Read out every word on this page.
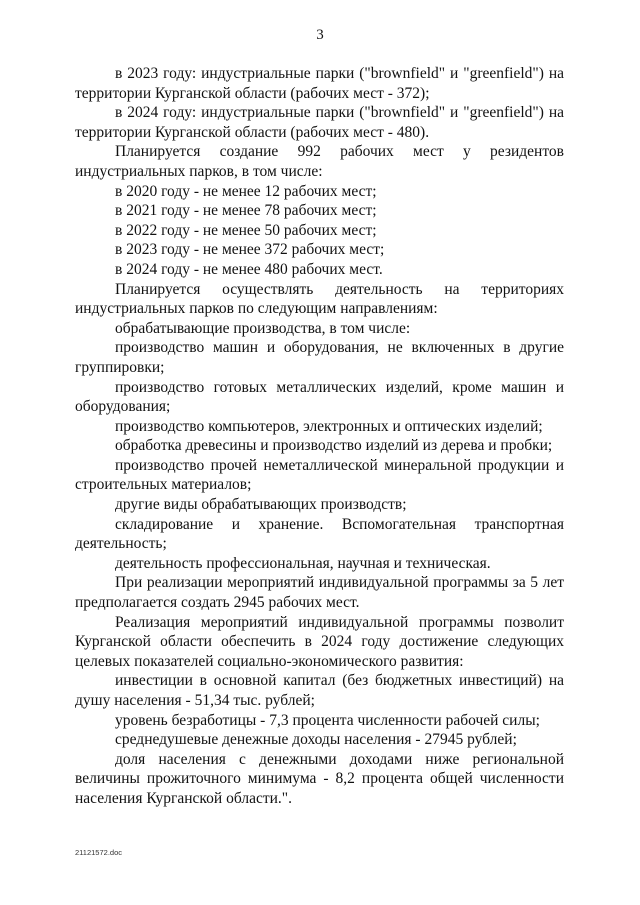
3

в 2023 году: индустриальные парки ("brownfield" и "greenfield") на территории Курганской области (рабочих мест - 372);

в 2024 году: индустриальные парки ("brownfield" и "greenfield") на территории Курганской области (рабочих мест - 480).

Планируется создание 992 рабочих мест у резидентов индустриальных парков, в том числе:

в 2020 году - не менее 12 рабочих мест;

в 2021 году - не менее 78 рабочих мест;

в 2022 году - не менее 50 рабочих мест;

в 2023 году - не менее 372 рабочих мест;

в 2024 году - не менее 480 рабочих мест.

Планируется осуществлять деятельность на территориях индустриальных парков по следующим направлениям:

обрабатывающие производства, в том числе:

производство машин и оборудования, не включенных в другие группировки;

производство готовых металлических изделий, кроме машин и оборудования;

производство компьютеров, электронных и оптических изделий;

обработка древесины и производство изделий из дерева и пробки;

производство прочей неметаллической минеральной продукции и строительных материалов;

другие виды обрабатывающих производств;

складирование и хранение. Вспомогательная транспортная деятельность;

деятельность профессиональная, научная и техническая.

При реализации мероприятий индивидуальной программы за 5 лет предполагается создать 2945 рабочих мест.

Реализация мероприятий индивидуальной программы позволит Курганской области обеспечить в 2024 году достижение следующих целевых показателей социально-экономического развития:

инвестиции в основной капитал (без бюджетных инвестиций) на душу населения - 51,34 тыс. рублей;

уровень безработицы - 7,3 процента численности рабочей силы;

среднедушевые денежные доходы населения - 27945 рублей;

доля населения с денежными доходами ниже региональной величины прожиточного минимума - 8,2 процента общей численности населения Курганской области.".

21121572.doc
